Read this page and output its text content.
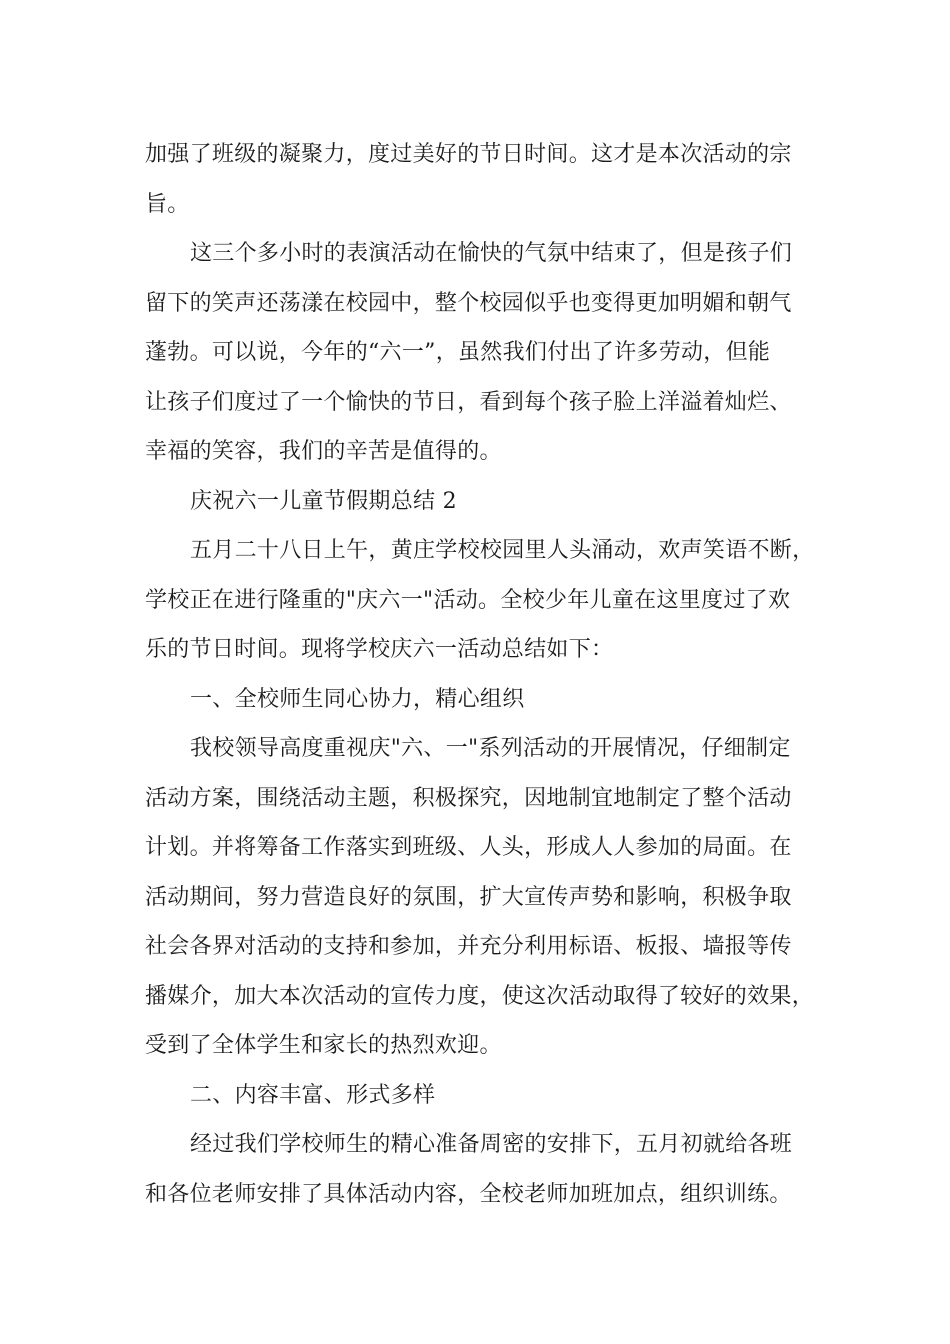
加强了班级的凝聚力，度过美好的节日时间。这才是本次活动的宗
旨。
这三个多小时的表演活动在愉快的气氛中结束了，但是孩子们
留下的笑声还荡漾在校园中，整个校园似乎也变得更加明媚和朝气
蓬勃。可以说，今年的“六一”，虽然我们付出了许多劳动，但能
让孩子们度过了一个愉快的节日，看到每个孩子脸上洋溢着灿烂、
幸福的笑容，我们的辛苦是值得的。
庆祝六一儿童节假期总结 2
五月二十八日上午，黄庄学校校园里人头涌动，欢声笑语不断，
学校正在进行隆重的"庆六一"活动。全校少年儿童在这里度过了欢
乐的节日时间。现将学校庆六一活动总结如下：
一、全校师生同心协力，精心组织
我校领导高度重视庆"六、一"系列活动的开展情况，仔细制定
活动方案，围绕活动主题，积极探究，因地制宜地制定了整个活动
计划。并将筹备工作落实到班级、人头，形成人人参加的局面。在
活动期间，努力营造良好的氛围，扩大宣传声势和影响，积极争取
社会各界对活动的支持和参加，并充分利用标语、板报、墙报等传
播媒介，加大本次活动的宣传力度，使这次活动取得了较好的效果，
受到了全体学生和家长的热烈欢迎。
二、内容丰富、形式多样
经过我们学校师生的精心准备周密的安排下，五月初就给各班
和各位老师安排了具体活动内容，全校老师加班加点，组织训练。
